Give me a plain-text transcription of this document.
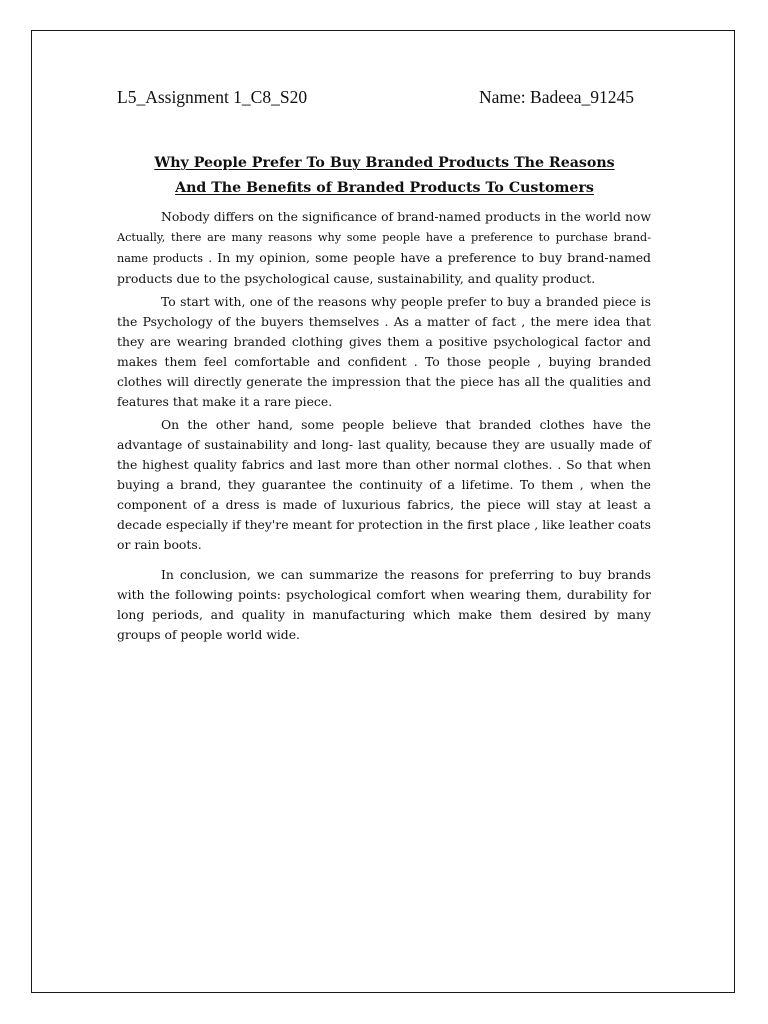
L5_Assignment 1_C8_S20	Name: Badeea_91245
Why People Prefer To Buy Branded Products The Reasons
And The Benefits of Branded Products To Customers

Nobody differs on the significance of brand-named products in the world now Actually, there are many reasons why some people have a preference to purchase brand-name products . In my opinion, some people have a preference to buy brand-named products due to the psychological cause, sustainability, and quality product.

To start with, one of the reasons why people prefer to buy a branded piece is the Psychology of the buyers themselves . As a matter of fact , the mere idea that they are wearing branded clothing gives them a positive psychological factor and makes them feel comfortable and confident . To those people , buying branded clothes will directly generate the impression that the piece has all the qualities and features that make it a rare piece.

On the other hand, some people believe that branded clothes have the advantage of sustainability and long- last quality, because they are usually made of the highest quality fabrics and last more than other normal clothes. . So that when buying a brand, they guarantee the continuity of a lifetime. To them , when the component of a dress is made of luxurious fabrics, the piece will stay at least a decade especially if they're meant for protection in the first place , like leather coats or rain boots.

In conclusion, we can summarize the reasons for preferring to buy brands with the following points: psychological comfort when wearing them, durability for long periods, and quality in manufacturing which make them desired by many groups of people world wide.
